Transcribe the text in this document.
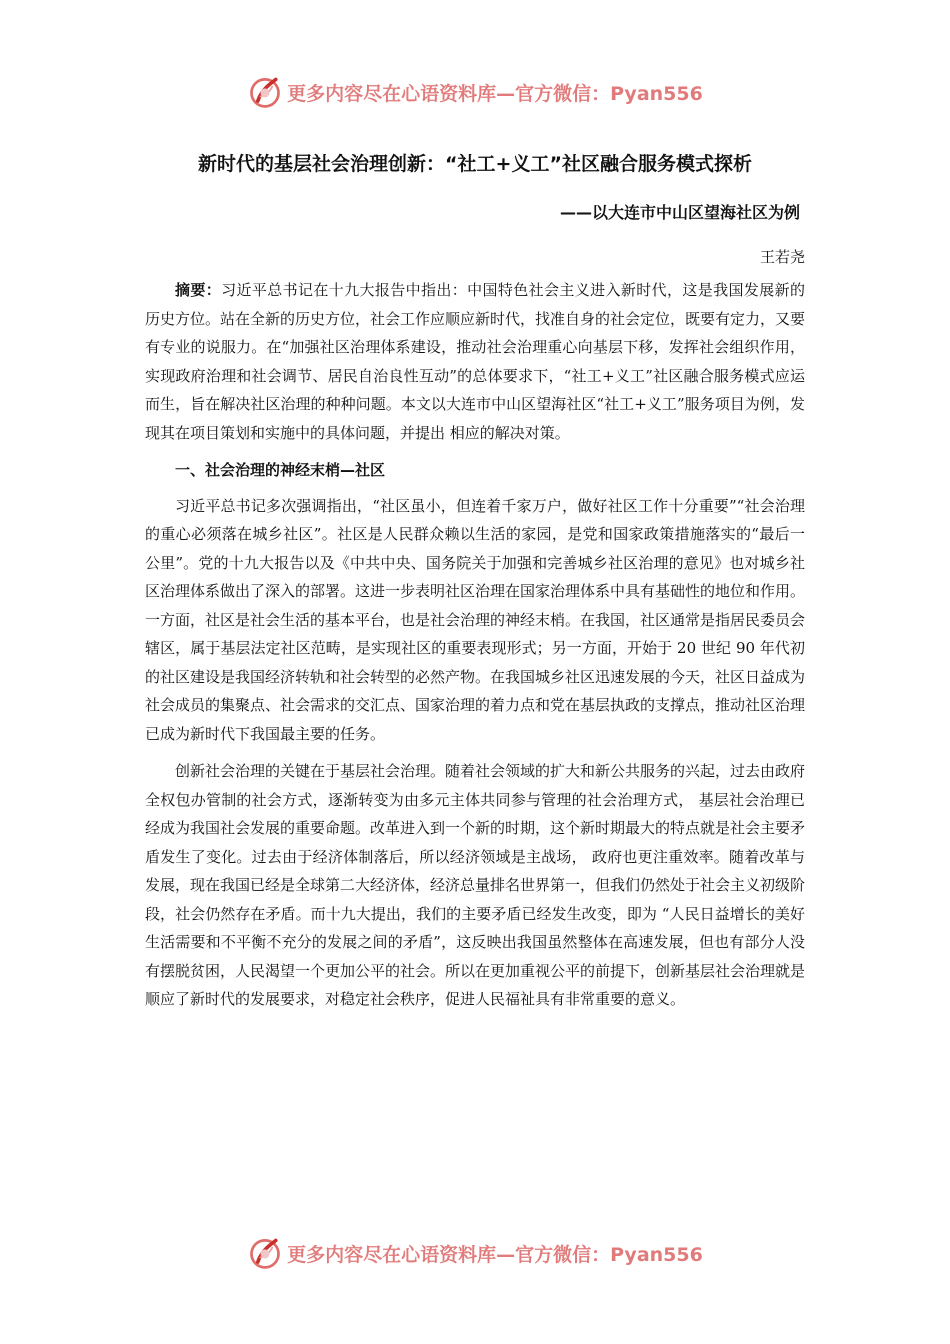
更多内容尽在心语资料库—官方微信：Pyan556
新时代的基层社会治理创新：“社工+义工”社区融合服务模式探析
——以大连市中山区望海社区为例
王若尧

摘要：习近平总书记在十九大报告中指出：中国特色社会主义进入新时代，这是我国发展新的历史方位。站在全新的历史方位，社会工作应顺应新时代，找准自身的社会定位，既要有定力，又要有专业的说服力。在“加强社区治理体系建设，推动社会治理重心向基层下移，发挥社会组织作用，实现政府治理和社会调节、居民自治良性互动”的总体要求下，“社工+义工”社区融合服务模式应运而生，旨在解决社区治理的种种问题。本文以大连市中山区望海社区“社工+义工”服务项目为例，发现其在项目策划和实施中的具体问题，并提出 相应的解决对策。

一、社会治理的神经末梢—社区

习近平总书记多次强调指出，“社区虽小，但连着千家万户，做好社区工作十分重要”“社会治理的重心必须落在城乡社区”。社区是人民群众赖以生活的家园，是党和国家政策措施落实的“最后一公里”。党的十九大报告以及《中共中央、国务院关于加强和完善城乡社区治理的意见》也对城乡社区治理体系做出了深入的部署。这进一步表明社区治理在国家治理体系中具有基础性的地位和作用。一方面，社区是社会生活的基本平台，也是社会治理的神经末梢。在我国，社区通常是指居民委员会辖区，属于基层法定社区范畴，是实现社区的重要表现形式；另一方面，开始于 20 世纪 90 年代初的社区建设是我国经济转轨和社会转型的必然产物。在我国城乡社区迅速发展的今天，社区日益成为社会成员的集聚点、社会需求的交汇点、国家治理的着力点和党在基层执政的支撑点，推动社区治理已成为新时代下我国最主要的任务。

创新社会治理的关键在于基层社会治理。随着社会领域的扩大和新公共服务的兴起，过去由政府全权包办管制的社会方式，逐渐转变为由多元主体共同参与管理的社会治理方式， 基层社会治理已经成为我国社会发展的重要命题。改革进入到一个新的时期，这个新时期最大的特点就是社会主要矛盾发生了变化。过去由于经济体制落后，所以经济领域是主战场， 政府也更注重效率。随着改革与发展，现在我国已经是全球第二大经济体，经济总量排名世界第一，但我们仍然处于社会主义初级阶段，社会仍然存在矛盾。而十九大提出，我们的主要矛盾已经发生改变，即为 “人民日益增长的美好生活需要和不平衡不充分的发展之间的矛盾”，这反映出我国虽然整体在高速发展，但也有部分人没有摆脱贫困，人民渴望一个更加公平的社会。所以在更加重视公平的前提下，创新基层社会治理就是顺应了新时代的发展要求，对稳定社会秩序，促进人民福祉具有非常重要的意义。

更多内容尽在心语资料库—官方微信：Pyan556
